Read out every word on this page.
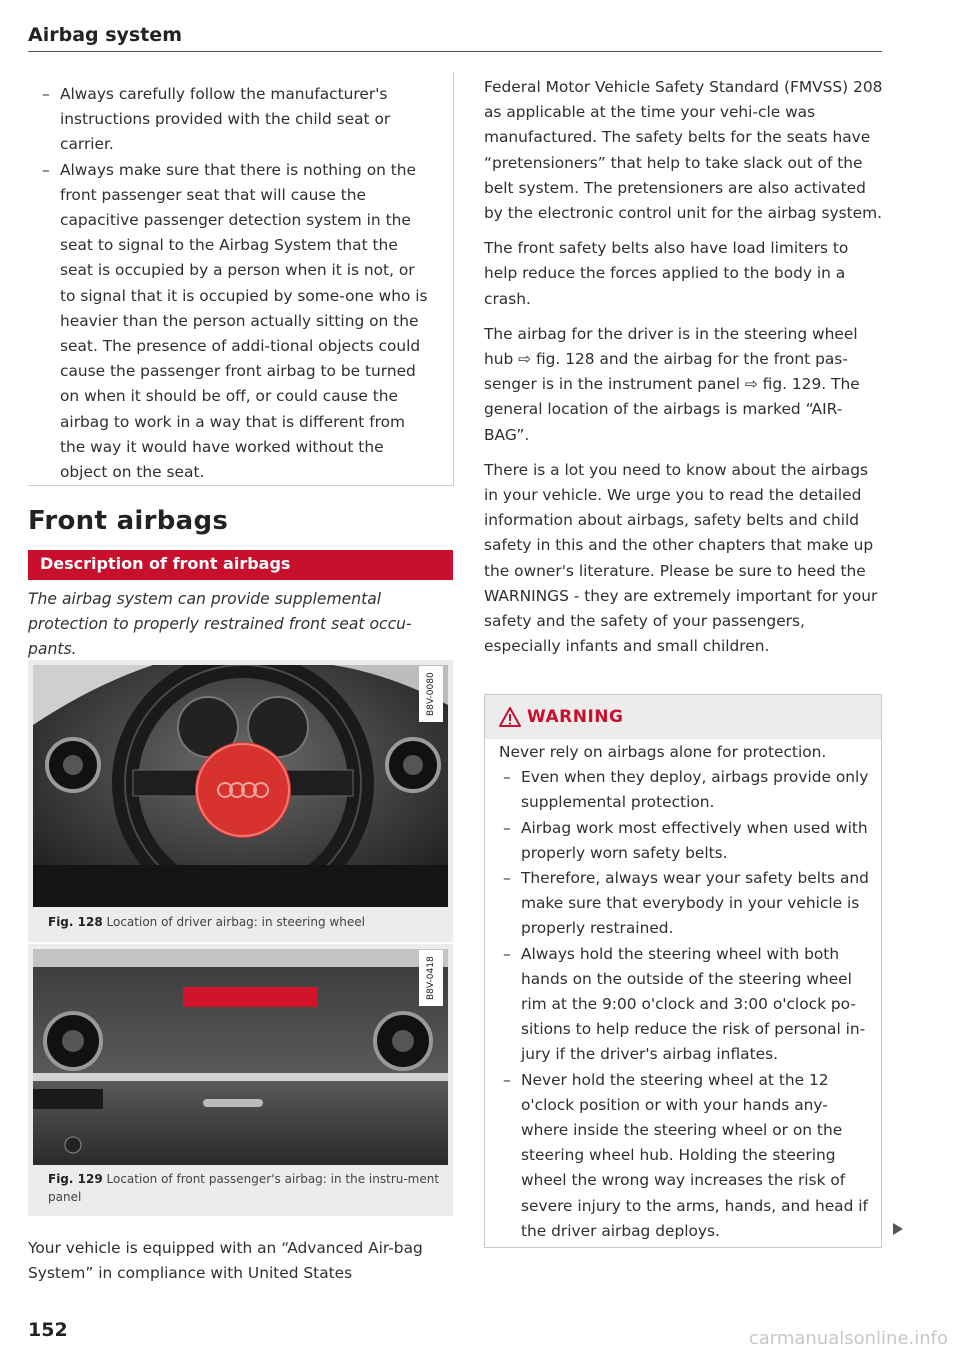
Airbag system
– Always carefully follow the manufacturer's instructions provided with the child seat or carrier.
– Always make sure that there is nothing on the front passenger seat that will cause the capacitive passenger detection system in the seat to signal to the Airbag System that the seat is occupied by a person when it is not, or to signal that it is occupied by some-one who is heavier than the person actually sitting on the seat. The presence of addi-tional objects could cause the passenger front airbag to be turned on when it should be off, or could cause the airbag to work in a way that is different from the way it would have worked without the object on the seat.
Front airbags
Description of front airbags
The airbag system can provide supplemental protection to properly restrained front seat occu-pants.
B8V-0080
Fig. 128 Location of driver airbag: in steering wheel
B8V-0418
Fig. 129 Location of front passenger's airbag: in the instru-ment panel

Your vehicle is equipped with an “Advanced Air-bag System” in compliance with United States

152

Federal Motor Vehicle Safety Standard (FMVSS) 208 as applicable at the time your vehi-cle was manufactured. The safety belts for the seats have “pretensioners” that help to take slack out of the belt system. The pretensioners are also activated by the electronic control unit for the airbag system.

The front safety belts also have load limiters to help reduce the forces applied to the body in a crash.

The airbag for the driver is in the steering wheel hub ⇨ fig. 128 and the airbag for the front pas-senger is in the instrument panel ⇨ fig. 129. The general location of the airbags is marked “AIR-BAG”.

There is a lot you need to know about the airbags in your vehicle. We urge you to read the detailed information about airbags, safety belts and child safety in this and the other chapters that make up the owner's literature. Please be sure to heed the WARNINGS - they are extremely important for your safety and the safety of your passengers, especially infants and small children.

WARNING

Never rely on airbags alone for protection.

– Even when they deploy, airbags provide only supplemental protection.
– Airbag work most effectively when used with properly worn safety belts.
– Therefore, always wear your safety belts and make sure that everybody in your vehicle is properly restrained.
– Always hold the steering wheel with both hands on the outside of the steering wheel rim at the 9:00 o'clock and 3:00 o'clock po-sitions to help reduce the risk of personal in-jury if the driver's airbag inflates.
– Never hold the steering wheel at the 12 o'clock position or with your hands any-where inside the steering wheel or on the steering wheel hub. Holding the steering wheel the wrong way increases the risk of severe injury to the arms, hands, and head if the driver airbag deploys.
carmanualsonline.info
